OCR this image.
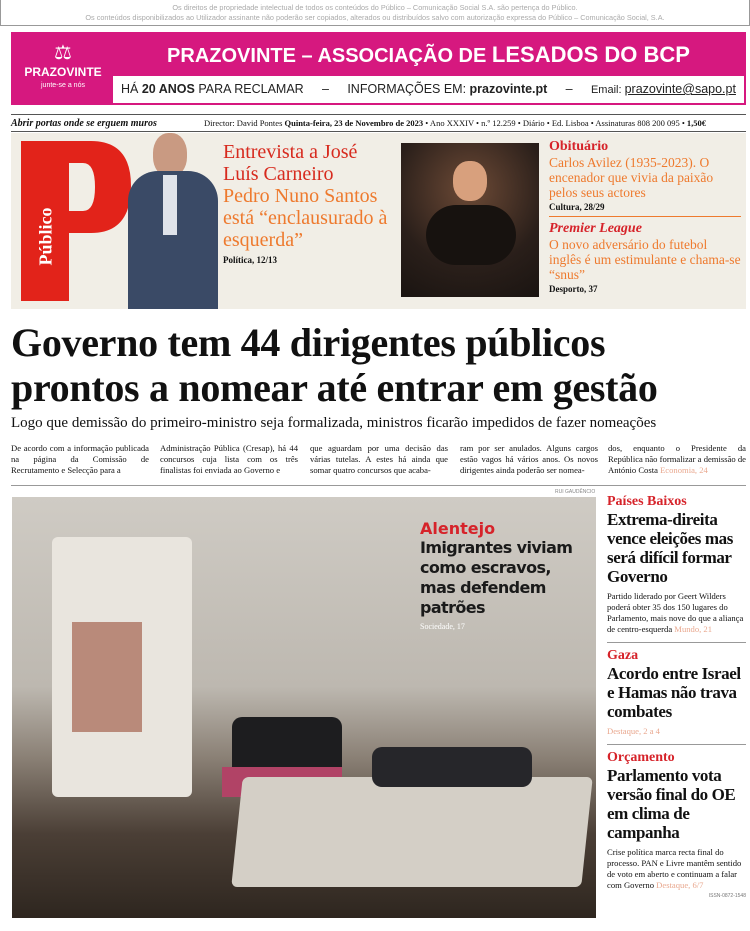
Os direitos de propriedade intelectual de todos os conteúdos do Público – Comunicação Social S.A. são pertença do Público.
Os conteúdos disponibilizados ao Utilizador assinante não poderão ser copiados, alterados ou distribuídos salvo com autorização expressa do Público – Comunicação Social, S.A.
⚖
PRAZOVINTE
junte-se a nós
PRAZOVINTE – ASSOCIAÇÃO DE LESADOS DO BCP
HÁ 20 ANOS PARA RECLAMAR – INFORMAÇÕES EM: prazovinte.pt – Email: prazovinte@sapo.pt
Abrir portas onde se erguem muros	Director: David Pontes Quinta-feira, 23 de Novembro de 2023 • Ano XXXIV • n.º 12.259 • Diário • Ed. Lisboa • Assinaturas 808 200 095 • 1,50€
Público
Entrevista a José Luís Carneiro
Pedro Nuno Santos está “enclausurado à esquerda”
Política, 12/13
Obituário
Carlos Avilez (1935-2023). O encenador que vivia da paixão pelos seus actores
Cultura, 28/29
Premier League
O novo adversário do futebol inglês é um estimulante e chama-se “snus”
Desporto, 37
Governo tem 44 dirigentes públicos
prontos a nomear até entrar em gestão
Logo que demissão do primeiro-ministro seja formalizada, ministros ficarão impedidos de fazer nomeações
De acordo com a informação publicada na página da Comissão de Recrutamento e Selecção para a
Administração Pública (Cresap), há 44 concursos cuja lista com os três finalistas foi enviada ao Governo e
que aguardam por uma decisão das várias tutelas. A estes há ainda que somar quatro concursos que acaba-
ram por ser anulados. Alguns cargos estão vagos há vários anos. Os novos dirigentes ainda poderão ser nomea-
dos, enquanto o Presidente da República não formalizar a demissão de António Costa Economia, 24
RUI GAUDÊNCIO
Alentejo
Imigrantes viviam como escravos, mas defendem patrões
Sociedade, 17
Países Baixos
Extrema-direita vence eleições mas será difícil formar Governo
Partido liderado por Geert Wilders poderá obter 35 dos 150 lugares do Parlamento, mais nove do que a aliança de centro-esquerda Mundo, 21
Gaza
Acordo entre Israel e Hamas não trava combates
Destaque, 2 a 4
Orçamento
Parlamento vota versão final do OE em clima de campanha
Crise política marca recta final do processo. PAN e Livre mantêm sentido de voto em aberto e continuam a falar com Governo Destaque, 6/7
ISSN-0872-1548
